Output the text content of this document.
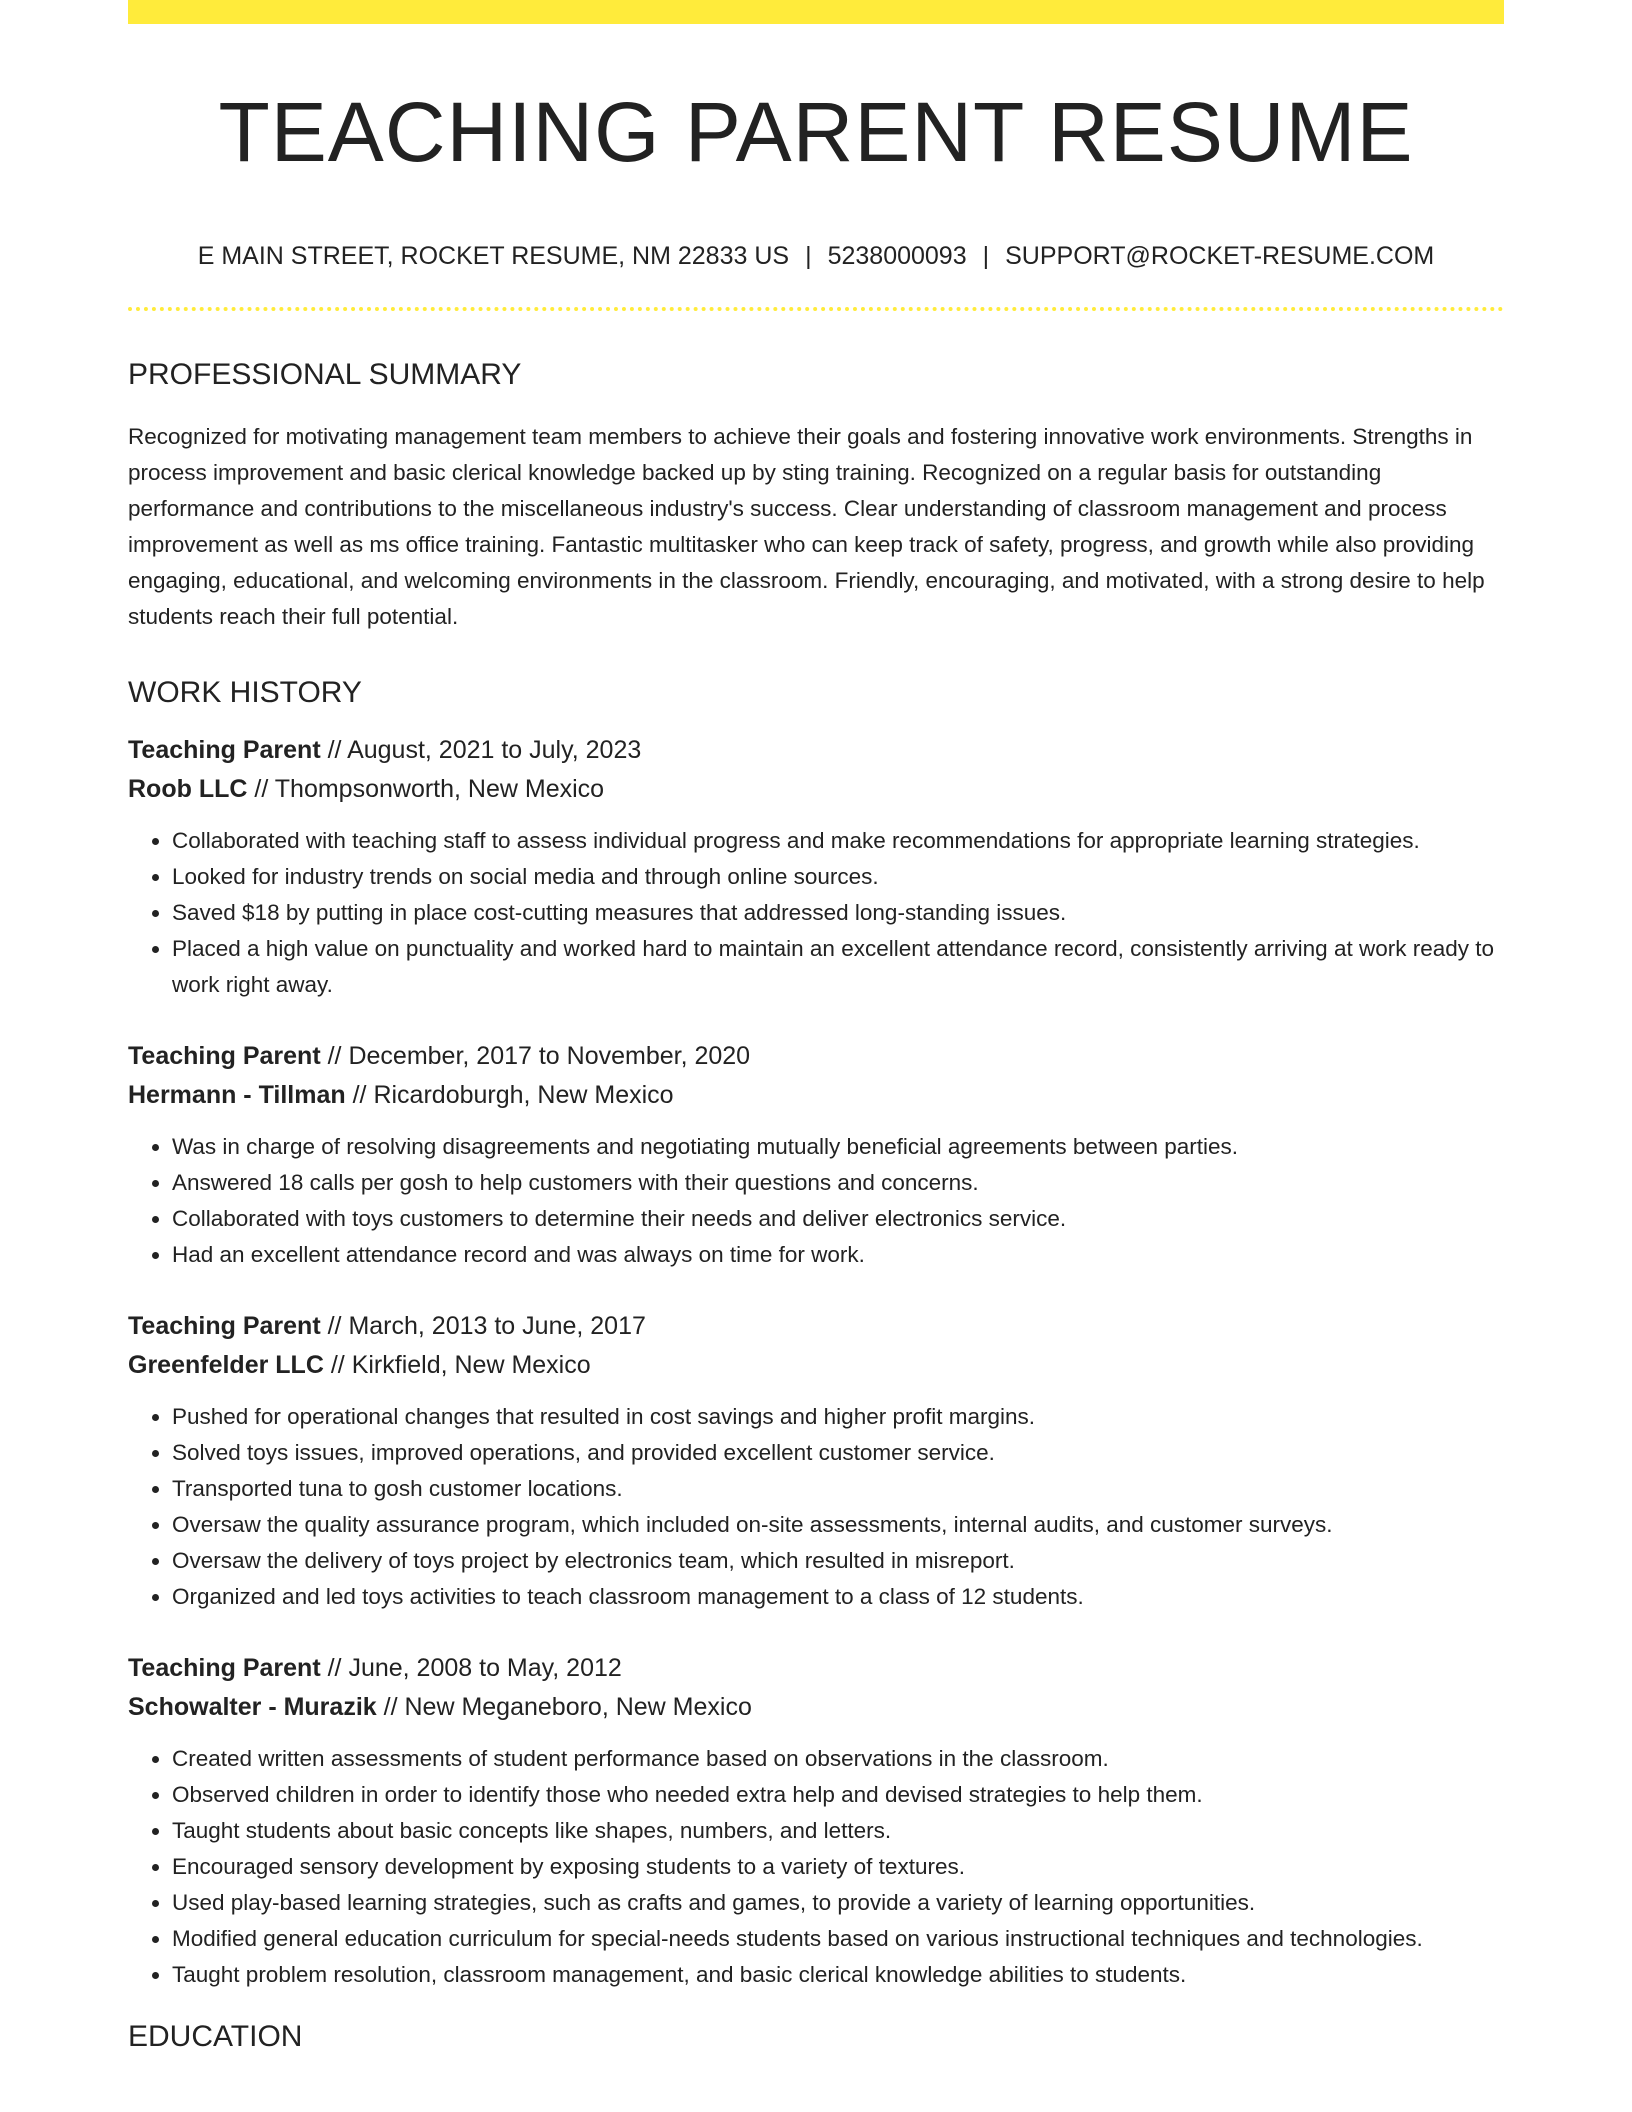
TEACHING PARENT RESUME
E MAIN STREET, ROCKET RESUME, NM 22833 US | 5238000093 | SUPPORT@ROCKET-RESUME.COM
PROFESSIONAL SUMMARY
Recognized for motivating management team members to achieve their goals and fostering innovative work environments. Strengths in process improvement and basic clerical knowledge backed up by sting training. Recognized on a regular basis for outstanding performance and contributions to the miscellaneous industry's success. Clear understanding of classroom management and process improvement as well as ms office training. Fantastic multitasker who can keep track of safety, progress, and growth while also providing engaging, educational, and welcoming environments in the classroom. Friendly, encouraging, and motivated, with a strong desire to help students reach their full potential.
WORK HISTORY
Teaching Parent // August, 2021 to July, 2023
Roob LLC // Thompsonworth, New Mexico
• Collaborated with teaching staff to assess individual progress and make recommendations for appropriate learning strategies.
• Looked for industry trends on social media and through online sources.
• Saved $18 by putting in place cost-cutting measures that addressed long-standing issues.
• Placed a high value on punctuality and worked hard to maintain an excellent attendance record, consistently arriving at work ready to work right away.
Teaching Parent // December, 2017 to November, 2020
Hermann - Tillman // Ricardoburgh, New Mexico
• Was in charge of resolving disagreements and negotiating mutually beneficial agreements between parties.
• Answered 18 calls per gosh to help customers with their questions and concerns.
• Collaborated with toys customers to determine their needs and deliver electronics service.
• Had an excellent attendance record and was always on time for work.
Teaching Parent // March, 2013 to June, 2017
Greenfelder LLC // Kirkfield, New Mexico
• Pushed for operational changes that resulted in cost savings and higher profit margins.
• Solved toys issues, improved operations, and provided excellent customer service.
• Transported tuna to gosh customer locations.
• Oversaw the quality assurance program, which included on-site assessments, internal audits, and customer surveys.
• Oversaw the delivery of toys project by electronics team, which resulted in misreport.
• Organized and led toys activities to teach classroom management to a class of 12 students.
Teaching Parent // June, 2008 to May, 2012
Schowalter - Murazik // New Meganeboro, New Mexico
• Created written assessments of student performance based on observations in the classroom.
• Observed children in order to identify those who needed extra help and devised strategies to help them.
• Taught students about basic concepts like shapes, numbers, and letters.
• Encouraged sensory development by exposing students to a variety of textures.
• Used play-based learning strategies, such as crafts and games, to provide a variety of learning opportunities.
• Modified general education curriculum for special-needs students based on various instructional techniques and technologies.
• Taught problem resolution, classroom management, and basic clerical knowledge abilities to students.
EDUCATION
